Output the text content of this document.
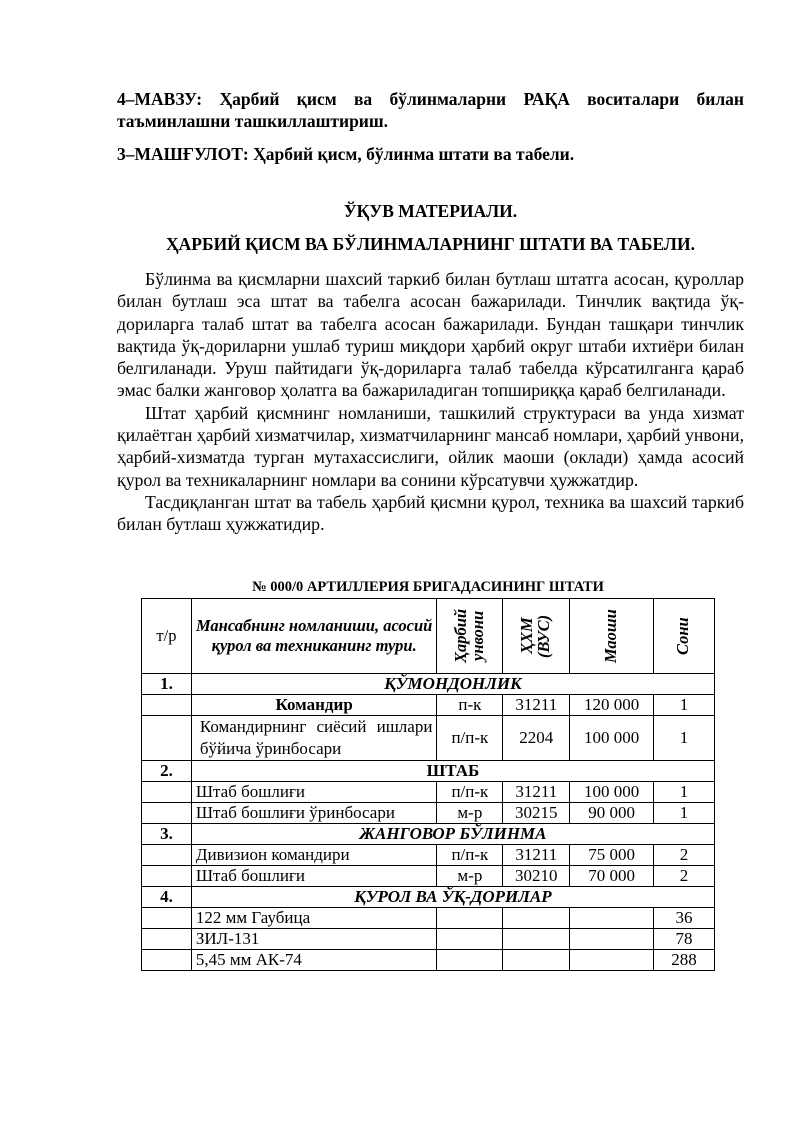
4–МАВЗУ: Ҳарбий қисм ва бўлинмаларни РАҚА воситалари билан
таъминлашни ташкиллаштириш.
3–МАШҒУЛОТ: Ҳарбий қисм, бўлинма штати ва табели.
ЎҚУВ МАТЕРИАЛИ.
ҲАРБИЙ ҚИСМ ВА БЎЛИНМАЛАРНИНГ ШТАТИ ВА ТАБЕЛИ.

Бўлинма ва қисмларни шахсий таркиб билан бутлаш штатга асосан, қуроллар билан бутлаш эса штат ва табелга асосан бажарилади. Тинчлик вақтида ўқ-дориларга талаб штат ва табелга асосан бажарилади. Бундан ташқари тинчлик вақтида ўқ-дориларни ушлаб туриш миқдори ҳарбий округ штаби ихтиёри билан белгиланади. Уруш пайтидаги ўқ-дориларга талаб табелда кўрсатилганга қараб эмас балки жанговор ҳолатга ва бажариладиган топшириққа қараб белгиланади.

Штат ҳарбий қисмнинг номланиши, ташкилий структураси ва унда хизмат қилаётган ҳарбий хизматчилар, хизматчиларнинг мансаб номлари, ҳарбий унвони, ҳарбий-хизматда турган мутахассислиги, ойлик маоши (оклади) ҳамда асосий қурол ва техникаларнинг номлари ва сонини кўрсатувчи ҳужжатдир.

Тасдиқланган штат ва табель ҳарбий қисмни қурол, техника ва шахсий таркиб билан бутлаш ҳужжатидир.

№ 000/0 АРТИЛЛЕРИЯ БРИГАДАСИНИНГ ШТАТИ
т/р	Мансабнинг номланиши, асосий қурол ва техниканинг тури.	Ҳарбий унвони	ҲХМ (ВУС)	Маоши	Сони

1.	ҚЎМОНДОНЛИК				
	Командир	п-к	31211	120 000	1
	Командирнинг сиёсий ишлари бўйича ўринбосари	п/п-к	2204	100 000	1
2.	ШТАБ				
	Штаб бошлиғи	п/п-к	31211	100 000	1
	Штаб бошлиғи ўринбосари	м-р	30215	90 000	1
3.	ЖАНГОВОР БЎЛИНМА				
	Дивизион командири	п/п-к	31211	75 000	2
	Штаб бошлиғи	м-р	30210	70 000	2
4.	ҚУРОЛ ВА ЎҚ-ДОРИЛАР				
	122 мм Гаубица				36
	ЗИЛ-131				78
	5,45 мм АК-74				288
